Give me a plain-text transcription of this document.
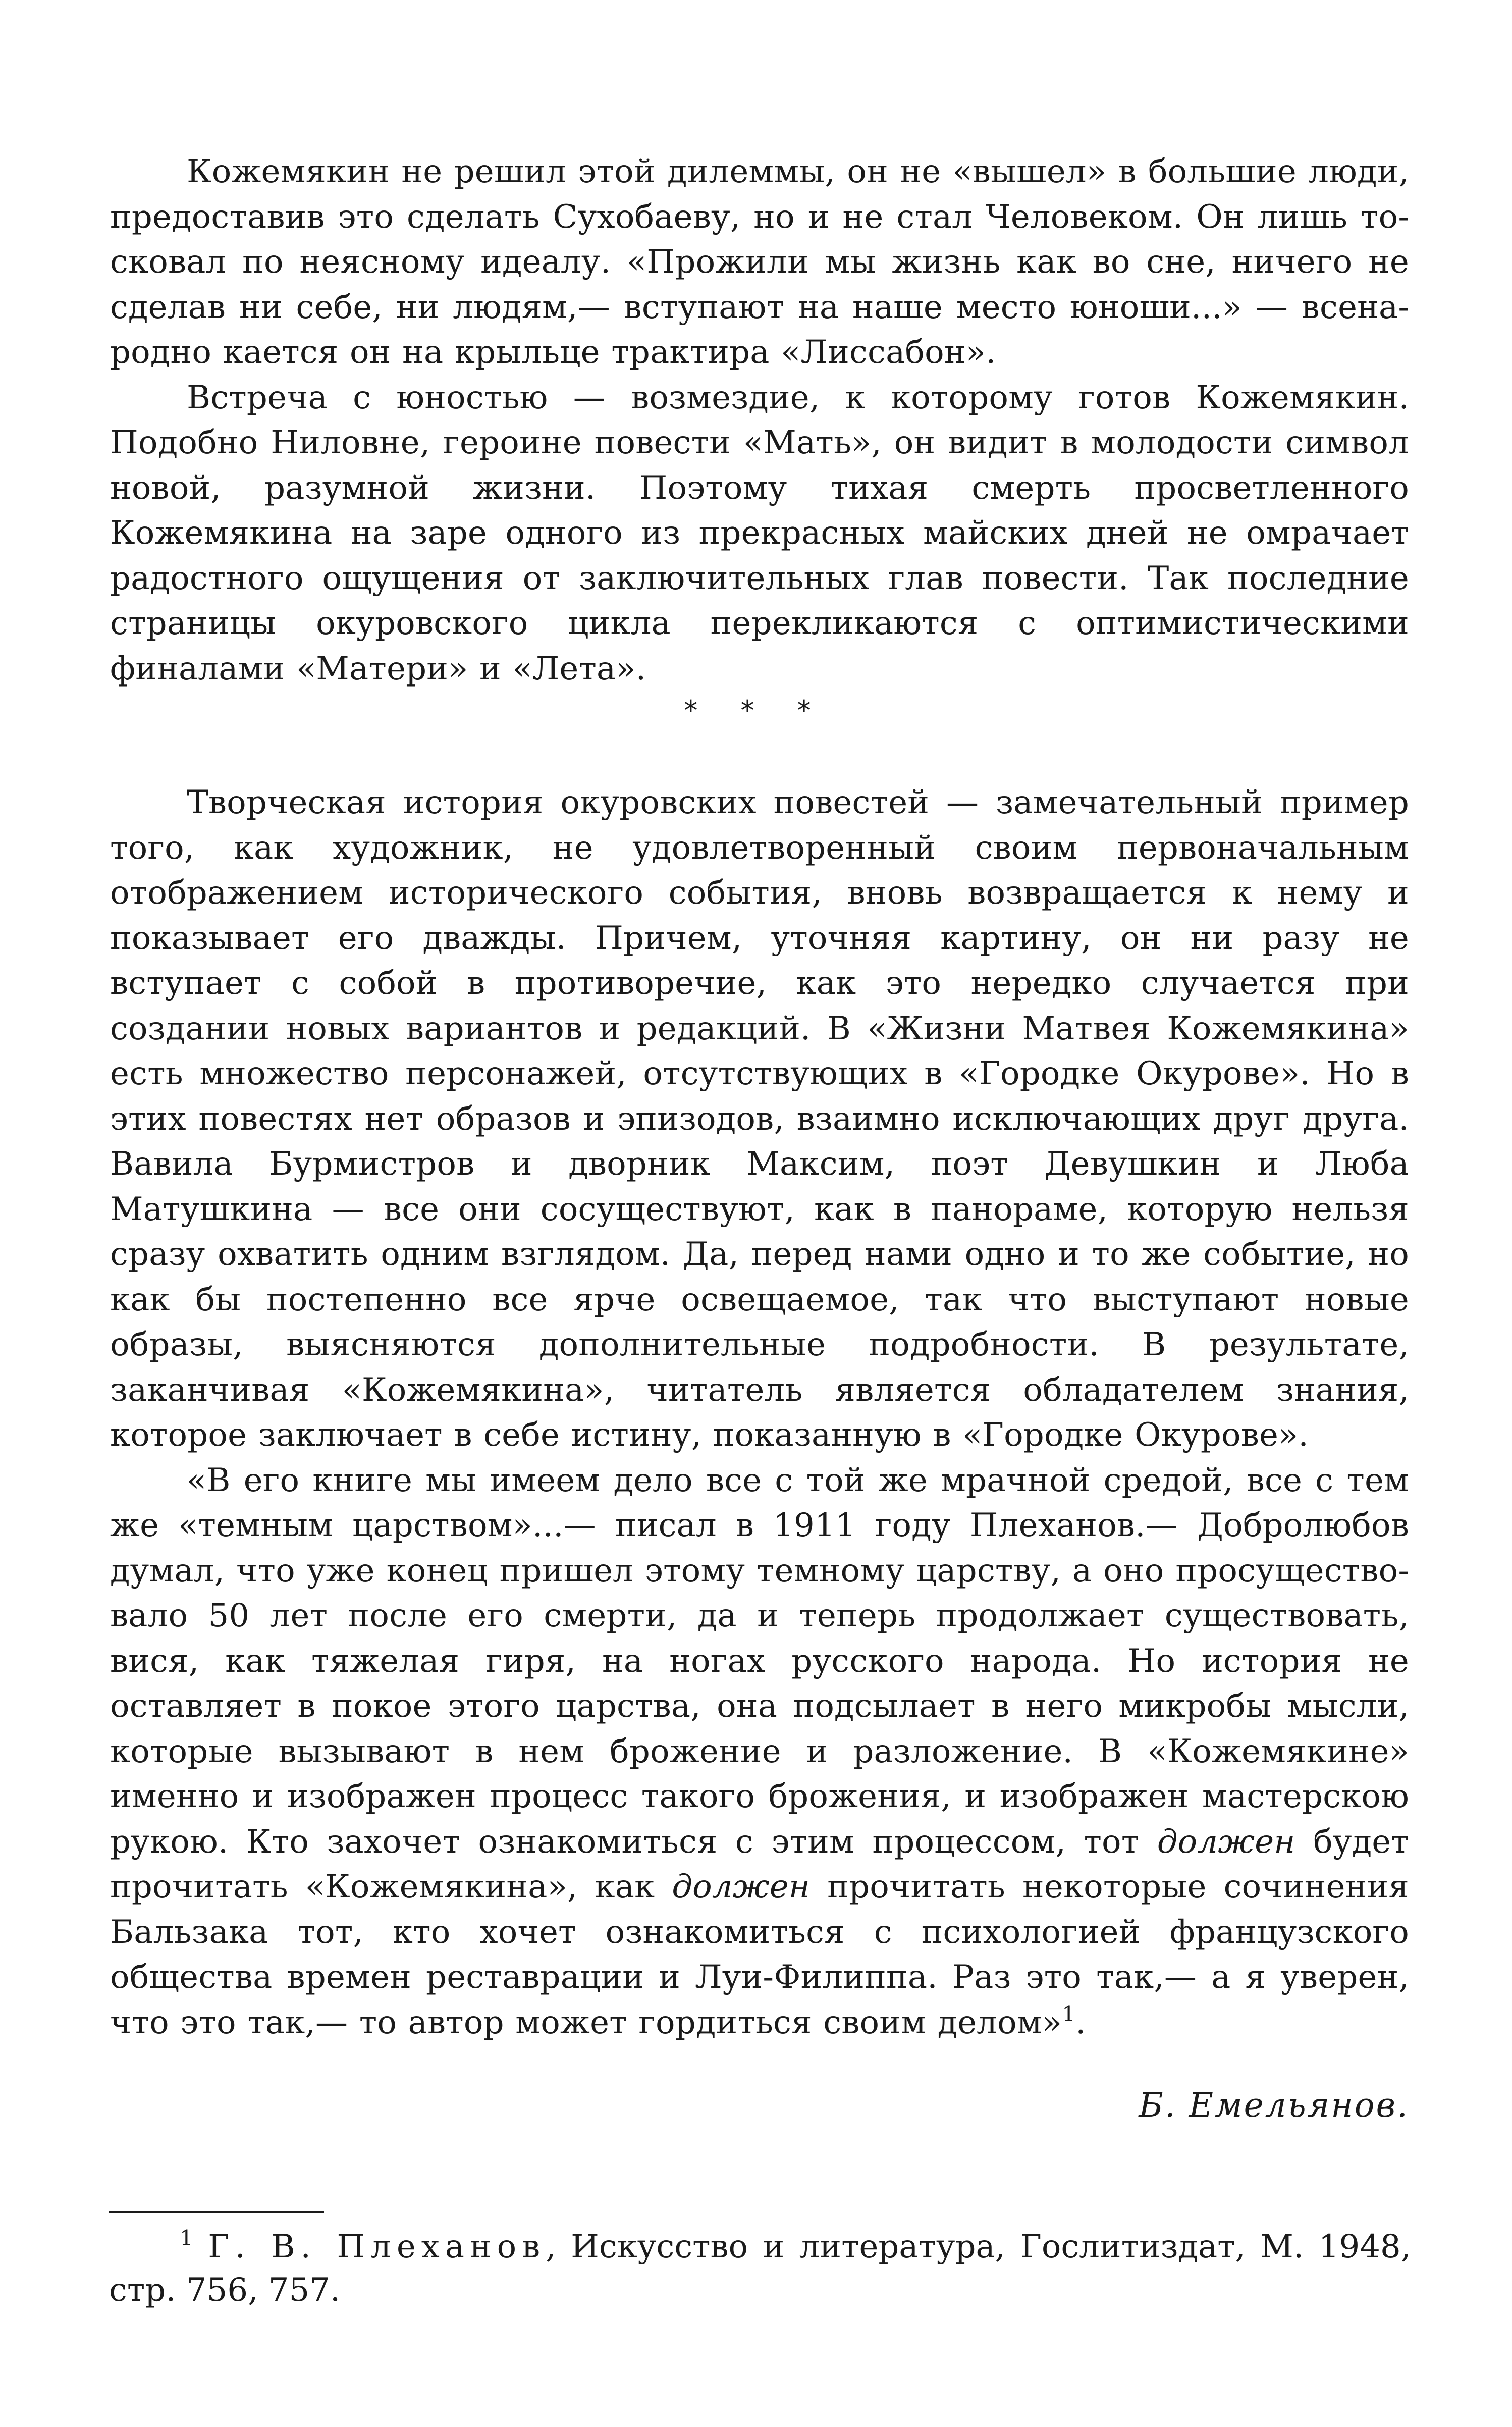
Кожемякин не решил этой дилеммы, он не «вышел» в большие люди, предоставив это сделать Сухобаеву, но и не стал Человеком. Он лишь тосковал по неясному идеалу. «Прожили мы жизнь как во сне, ничего не сделав ни себе, ни людям,— вступают на наше место юноши...» — всенародно кается он на крыльце трактира «Лиссабон».

Встреча с юностью — возмездие, к которому готов Кожемякин. Подобно Ниловне, героине повести «Мать», он видит в молодости символ новой, разумной жизни. Поэтому тихая смерть просветленного Кожемякина на заре одного из прекрасных майских дней не омрачает радостного ощущения от заключительных глав повести. Так последние страницы окуровского цикла перекликаются с оптимистическими финалами «Матери» и «Лета».

* * *

Творческая история окуровских повестей — замечательный пример того, как художник, не удовлетворенный своим первоначальным отображением исторического события, вновь возвращается к нему и показывает его дважды. Причем, уточняя картину, он ни разу не вступает с собой в противоречие, как это нередко случается при создании новых вариантов и редакций. В «Жизни Матвея Кожемякина» есть множество персонажей, отсутствующих в «Городке Окурове». Но в этих повестях нет образов и эпизодов, взаимно исключающих друг друга. Вавила Бурмистров и дворник Максим, поэт Девушкин и Люба Матушкина — все они сосуществуют, как в панораме, которую нельзя сразу охватить одним взглядом. Да, перед нами одно и то же событие, но как бы постепенно все ярче освещаемое, так что выступают новые образы, выясняются дополнительные подробности. В результате, заканчивая «Кожемякина», читатель является обладателем знания, которое заключает в себе истину, показанную в «Городке Окурове».

«В его книге мы имеем дело все с той же мрачной средой, все с тем же «темным царством»...— писал в 1911 году Плеханов.— Добролюбов думал, что уже конец пришел этому темному царству, а оно просуществовало 50 лет после его смерти, да и теперь продолжает существовать, вися, как тяжелая гиря, на ногах русского народа. Но история не оставляет в покое этого царства, она подсылает в него микробы мысли, которые вызывают в нем брожение и разложение. В «Кожемякине» именно и изображен процесс такого брожения, и изображен мастерскою рукою. Кто захочет ознакомиться с этим процессом, тот должен будет прочитать «Кожемякина», как должен прочитать некоторые сочинения Бальзака тот, кто хочет ознакомиться с психологией французского общества времен реставрации и Луи-Филиппа. Раз это так,— а я уверен, что это так,— то автор может гордиться своим делом»$^1$.

Б. Емельянов.
$^1$ Г. В. Плеханов, Искусство и литература, Гослитиздат, М. 1948, стр. 756, 757.
